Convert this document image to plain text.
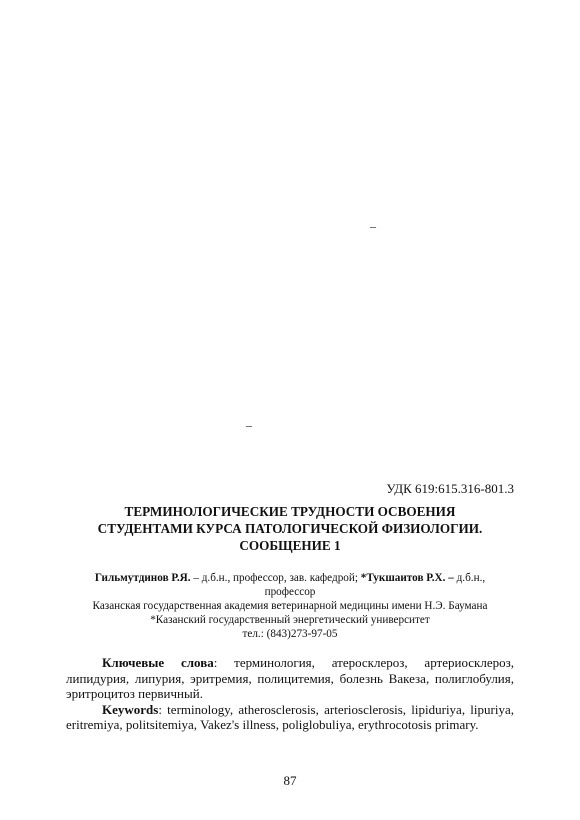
–
–
УДК 619:615.316-801.3
ТЕРМИНОЛОГИЧЕСКИЕ ТРУДНОСТИ ОСВОЕНИЯ
СТУДЕНТАМИ КУРСА ПАТОЛОГИЧЕСКОЙ ФИЗИОЛОГИИ.
СООБЩЕНИЕ 1
Гильмутдинов Р.Я. – д.б.н., профессор, зав. кафедрой; *Тукшаитов Р.Х. – д.б.н.,
профессор
Казанская государственная академия ветеринарной медицины имени Н.Э. Баумана
*Казанский государственный энергетический университет
тел.: (843)273-97-05

Ключевые слова: терминология, атеросклероз, артериосклероз, липидурия, липурия, эритремия, полицитемия, болезнь Вакеза, полиглобулия, эритроцитоз первичный.

Keywords: terminology, atherosclerosis, arteriosclerosis, lipiduriya, lipuriya, eritremiya, politsitemiya, Vakez's illness, poliglobuliya, erythrocotosis primary.

87
